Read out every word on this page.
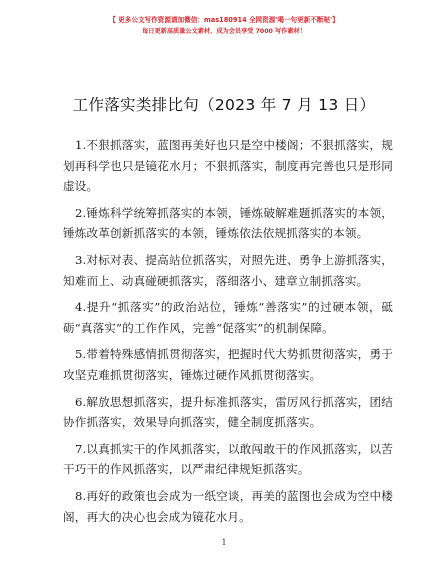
【 更多公文写作资源请加微信：mas180914 全网资源'喝一句更新不断哒'】
每日更新高质量公文素材，成为会员享受 7000 写作素材！
工作落实类排比句（2023 年 7 月 13 日）

1.不狠抓落实，蓝图再美好也只是空中楼阁；不狠抓落实，规划再科学也只是镜花水月；不狠抓落实，制度再完善也只是形同虚设。

2.锤炼科学统筹抓落实的本领，锤炼破解难题抓落实的本领，锤炼改革创新抓落实的本领，锤炼依法依规抓落实的本领。

3.对标对表、提高站位抓落实，对照先进、勇争上游抓落实，知难而上、动真碰硬抓落实，落细落小、建章立制抓落实。

4.提升“抓落实”的政治站位，锤炼“善落实”的过硬本领，砥砺“真落实”的工作作风，完善“促落实”的机制保障。

5.带着特殊感情抓贯彻落实，把握时代大势抓贯彻落实，勇于攻坚克难抓贯彻落实，锤炼过硬作风抓贯彻落实。

6.解放思想抓落实，提升标准抓落实，雷厉风行抓落实，团结协作抓落实，效果导向抓落实，健全制度抓落实。

7.以真抓实干的作风抓落实，以敢闯敢干的作风抓落实，以苦干巧干的作风抓落实，以严肃纪律规矩抓落实。

8.再好的政策也会成为一纸空谈，再美的蓝图也会成为空中楼阁，再大的决心也会成为镜花水月。

1
